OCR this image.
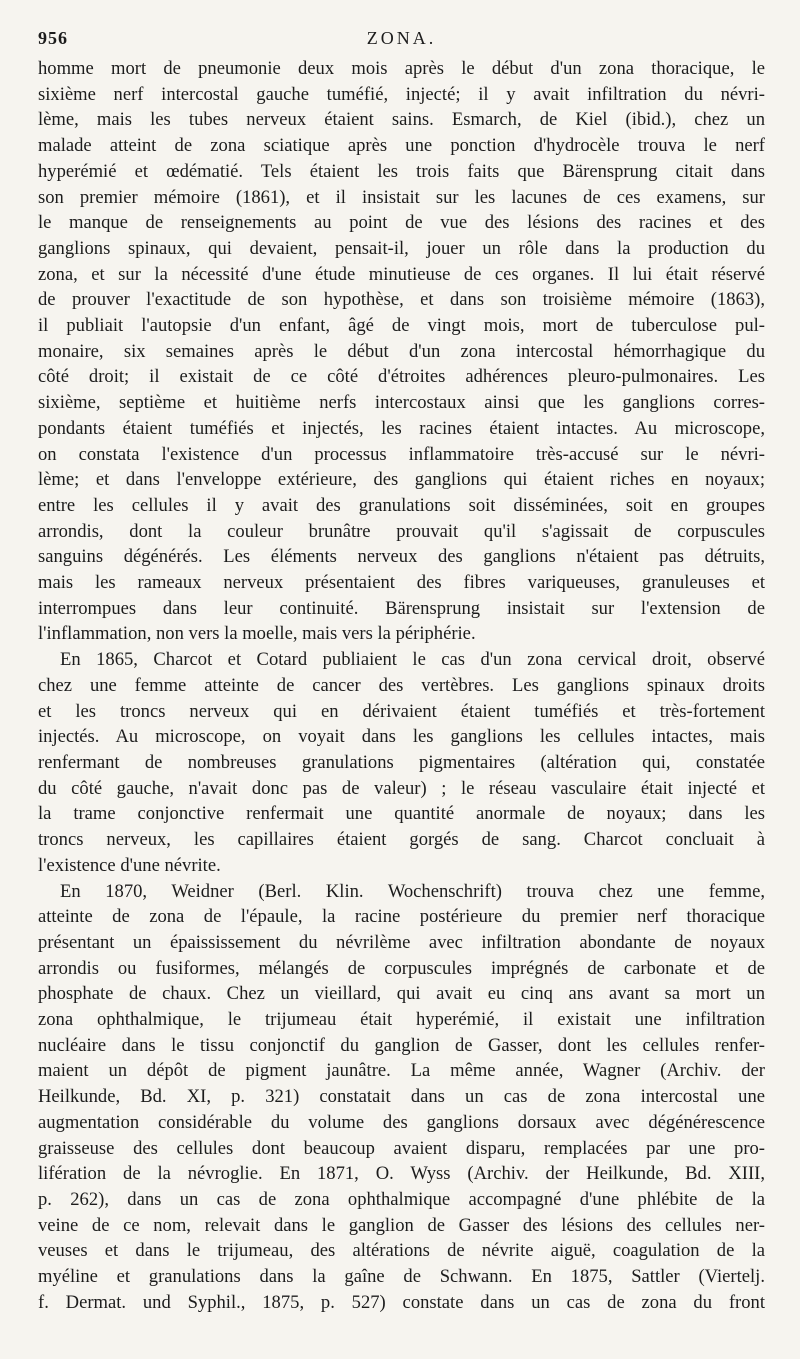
956	ZONA.

homme mort de pneumonie deux mois après le début d'un zona thoracique, le

sixième nerf intercostal gauche tuméfié, injecté; il y avait infiltration du névri-

lème, mais les tubes nerveux étaient sains. Esmarch, de Kiel (ibid.), chez un

malade atteint de zona sciatique après une ponction d'hydrocèle trouva le nerf

hyperémié et œdématié. Tels étaient les trois faits que Bärensprung citait dans

son premier mémoire (1861), et il insistait sur les lacunes de ces examens, sur

le manque de renseignements au point de vue des lésions des racines et des

ganglions spinaux, qui devaient, pensait-il, jouer un rôle dans la production du

zona, et sur la nécessité d'une étude minutieuse de ces organes. Il lui était réservé

de prouver l'exactitude de son hypothèse, et dans son troisième mémoire (1863),

il publiait l'autopsie d'un enfant, âgé de vingt mois, mort de tuberculose pul-

monaire, six semaines après le début d'un zona intercostal hémorrhagique du

côté droit; il existait de ce côté d'étroites adhérences pleuro-pulmonaires. Les

sixième, septième et huitième nerfs intercostaux ainsi que les ganglions corres-

pondants étaient tuméfiés et injectés, les racines étaient intactes. Au microscope,

on constata l'existence d'un processus inflammatoire très-accusé sur le névri-

lème; et dans l'enveloppe extérieure, des ganglions qui étaient riches en noyaux;

entre les cellules il y avait des granulations soit disséminées, soit en groupes

arrondis, dont la couleur brunâtre prouvait qu'il s'agissait de corpuscules

sanguins dégénérés. Les éléments nerveux des ganglions n'étaient pas détruits,

mais les rameaux nerveux présentaient des fibres variqueuses, granuleuses et

interrompues dans leur continuité. Bärensprung insistait sur l'extension de

l'inflammation, non vers la moelle, mais vers la périphérie.

En 1865, Charcot et Cotard publiaient le cas d'un zona cervical droit, observé

chez une femme atteinte de cancer des vertèbres. Les ganglions spinaux droits

et les troncs nerveux qui en dérivaient étaient tuméfiés et très-fortement

injectés. Au microscope, on voyait dans les ganglions les cellules intactes, mais

renfermant de nombreuses granulations pigmentaires (altération qui, constatée

du côté gauche, n'avait donc pas de valeur) ; le réseau vasculaire était injecté et

la trame conjonctive renfermait une quantité anormale de noyaux; dans les

troncs nerveux, les capillaires étaient gorgés de sang. Charcot concluait à

l'existence d'une névrite.

En 1870, Weidner (Berl. Klin. Wochenschrift) trouva chez une femme,

atteinte de zona de l'épaule, la racine postérieure du premier nerf thoracique

présentant un épaississement du névrilème avec infiltration abondante de noyaux

arrondis ou fusiformes, mélangés de corpuscules imprégnés de carbonate et de

phosphate de chaux. Chez un vieillard, qui avait eu cinq ans avant sa mort un

zona ophthalmique, le trijumeau était hyperémié, il existait une infiltration

nucléaire dans le tissu conjonctif du ganglion de Gasser, dont les cellules renfer-

maient un dépôt de pigment jaunâtre. La même année, Wagner (Archiv. der

Heilkunde, Bd. XI, p. 321) constatait dans un cas de zona intercostal une

augmentation considérable du volume des ganglions dorsaux avec dégénérescence

graisseuse des cellules dont beaucoup avaient disparu, remplacées par une pro-

lifération de la névroglie. En 1871, O. Wyss (Archiv. der Heilkunde, Bd. XIII,

p. 262), dans un cas de zona ophthalmique accompagné d'une phlébite de la

veine de ce nom, relevait dans le ganglion de Gasser des lésions des cellules ner-

veuses et dans le trijumeau, des altérations de névrite aiguë, coagulation de la

myéline et granulations dans la gaîne de Schwann. En 1875, Sattler (Viertelj.

f. Dermat. und Syphil., 1875, p. 527) constate dans un cas de zona du front
